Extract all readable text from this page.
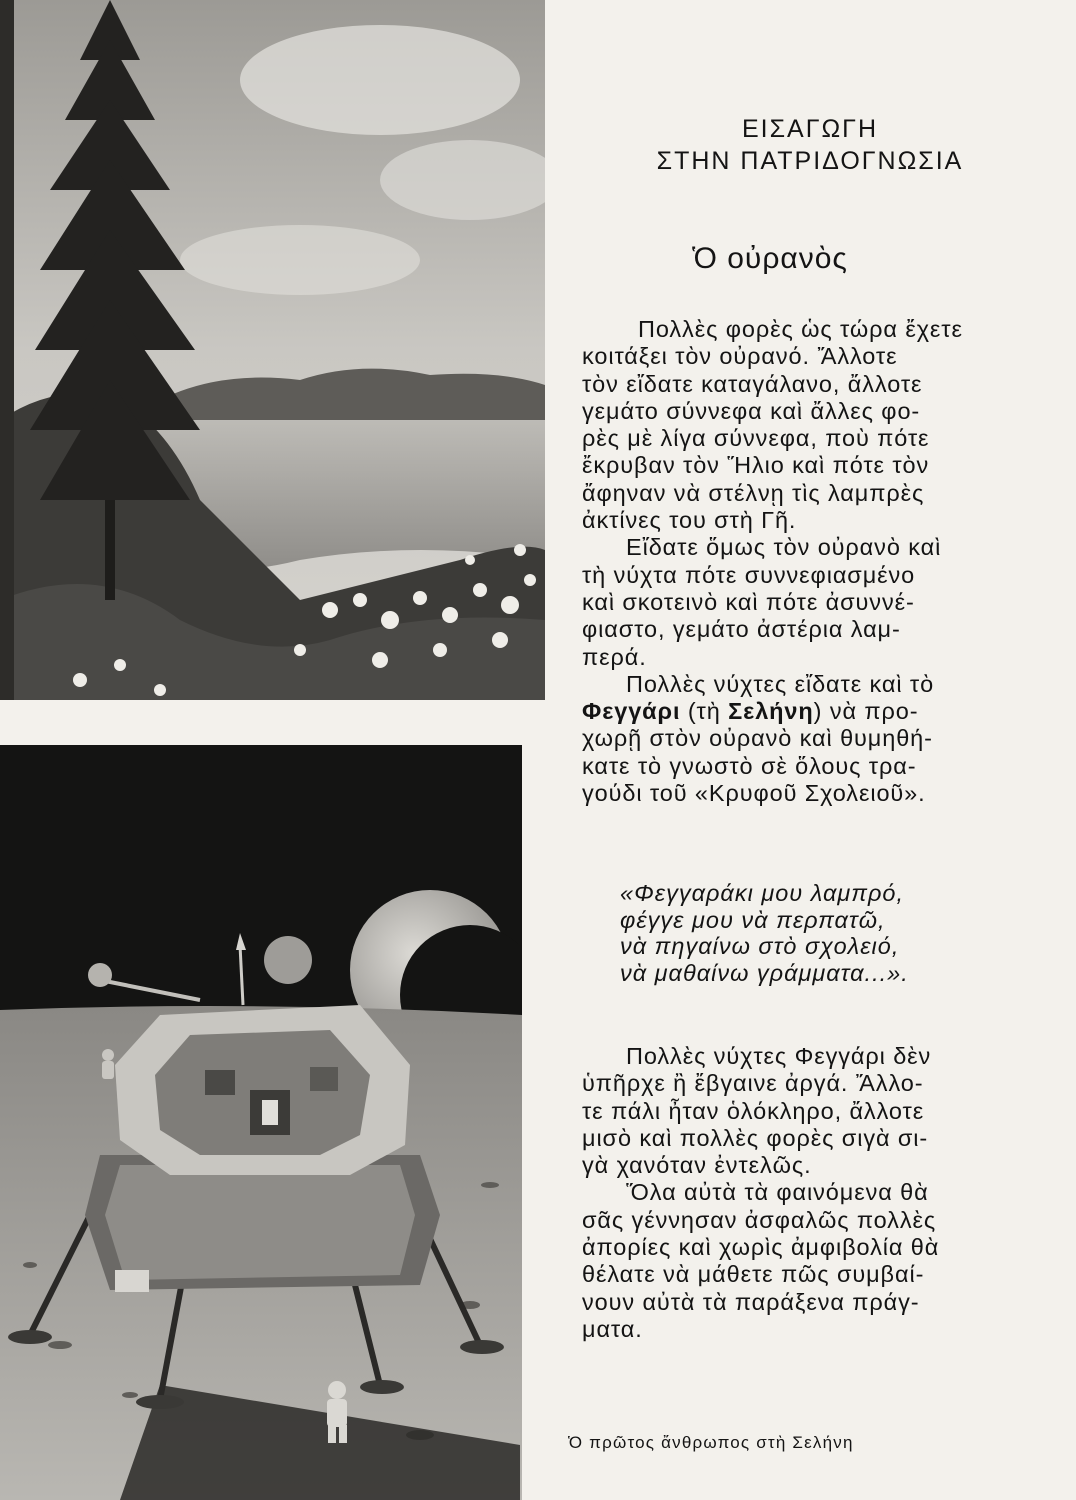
ΕΙΣΑΓΩΓΗ
ΣΤΗΝ ΠΑΤΡΙΔΟΓΝΩΣΙΑ
Ὁ οὐρανὸς
Πολλὲς φορὲς ὡς τώρα ἔχετε
κοιτάξει τὸν οὐρανό. Ἄλλοτε
τὸν εἴδατε καταγάλανο, ἄλλοτε
γεμάτο σύννεφα καὶ ἄλλες φο-
ρὲς μὲ λίγα σύννεφα, ποὺ πότε
ἔκρυβαν τὸν Ἥλιο καὶ πότε τὸν
ἄφηναν νὰ στέλνῃ τὶς λαμπρὲς
ἀκτίνες του στὴ Γῆ.
Εἴδατε ὅμως τὸν οὐρανὸ καὶ
τὴ νύχτα πότε συννεφιασμένο
καὶ σκοτεινὸ καὶ πότε ἀσυννέ-
φιαστο, γεμάτο ἀστέρια λαμ-
περά.
Πολλὲς νύχτες εἴδατε καὶ τὸ
Φεγγάρι (τὴ Σελήνη) νὰ προ-
χωρῇ στὸν οὐρανὸ καὶ θυμηθή-
κατε τὸ γνωστὸ σὲ ὅλους τρα-
γούδι τοῦ «Κρυφοῦ Σχολειοῦ».
«Φεγγαράκι μου λαμπρό,
φέγγε μου νὰ περπατῶ,
νὰ πηγαίνω στὸ σχολειό,
νὰ μαθαίνω γράμματα...».
Πολλὲς νύχτες Φεγγάρι δὲν
ὑπῆρχε ἢ ἔβγαινε ἀργά. Ἄλλο-
τε πάλι ἦταν ὁλόκληρο, ἄλλοτε
μισὸ καὶ πολλὲς φορὲς σιγὰ σι-
γὰ χανόταν ἐντελῶς.
Ὅλα αὐτὰ τὰ φαινόμενα θὰ
σᾶς γέννησαν ἀσφαλῶς πολλὲς
ἀπορίες καὶ χωρὶς ἀμφιβολία θὰ
θέλατε νὰ μάθετε πῶς συμβαί-
νουν αὐτὰ τὰ παράξενα πράγ-
ματα.
Ὁ πρῶτος ἄνθρωπος στὴ Σελήνη
